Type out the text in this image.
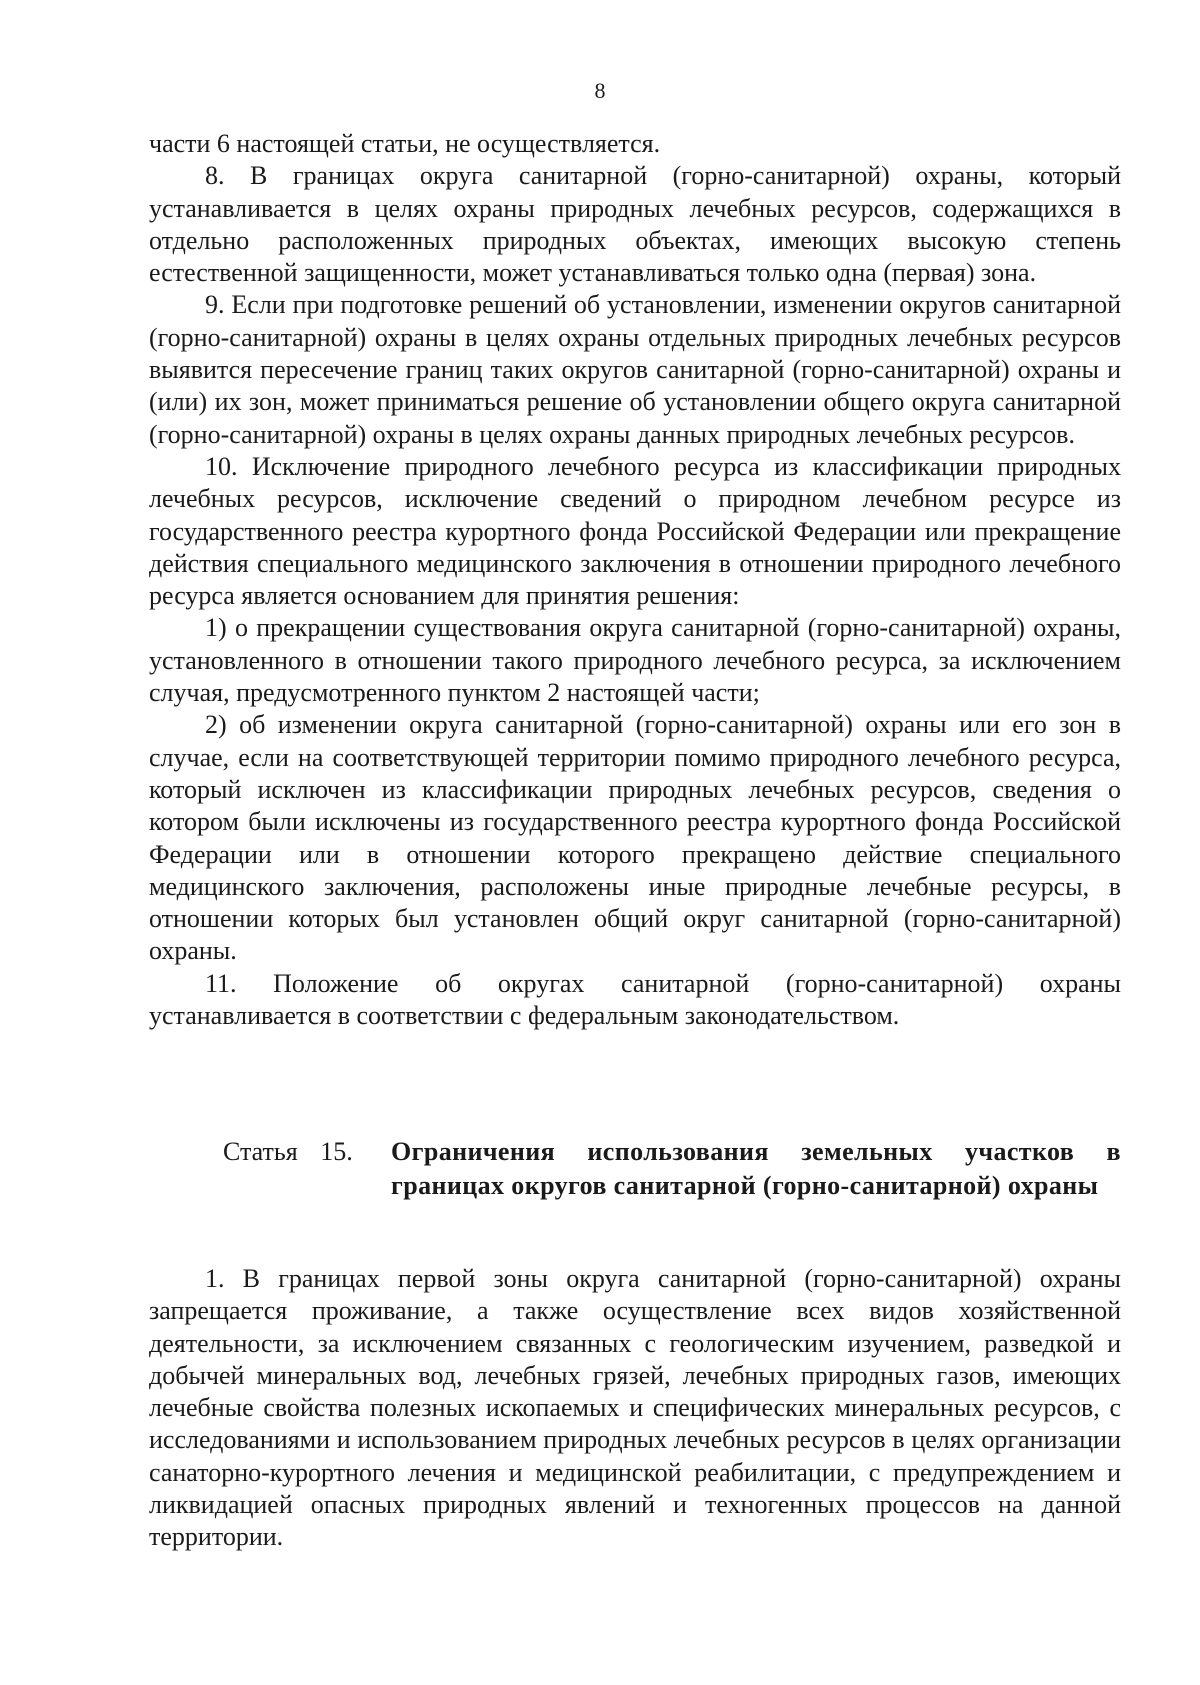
8

части 6 настоящей статьи, не осуществляется.

8. В границах округа санитарной (горно-санитарной) охраны, который устанавливается в целях охраны природных лечебных ресурсов, содержащихся в отдельно расположенных природных объектах, имеющих высокую степень естественной защищенности, может устанавливаться только одна (первая) зона.

9. Если при подготовке решений об установлении, изменении округов санитарной (горно-санитарной) охраны в целях охраны отдельных природных лечебных ресурсов выявится пересечение границ таких округов санитарной (горно-санитарной) охраны и (или) их зон, может приниматься решение об установлении общего округа санитарной (горно-санитарной) охраны в целях охраны данных природных лечебных ресурсов.

10. Исключение природного лечебного ресурса из классификации природных лечебных ресурсов, исключение сведений о природном лечебном ресурсе из государственного реестра курортного фонда Российской Федерации или прекращение действия специального медицинского заключения в отношении природного лечебного ресурса является основанием для принятия решения:

1) о прекращении существования округа санитарной (горно-санитарной) охраны, установленного в отношении такого природного лечебного ресурса, за исключением случая, предусмотренного пунктом 2 настоящей части;

2) об изменении округа санитарной (горно-санитарной) охраны или его зон в случае, если на соответствующей территории помимо природного лечебного ресурса, который исключен из классификации природных лечебных ресурсов, сведения о котором были исключены из государственного реестра курортного фонда Российской Федерации или в отношении которого прекращено действие специального медицинского заключения, расположены иные природные лечебные ресурсы, в отношении которых был установлен общий округ санитарной (горно-санитарной) охраны.

11. Положение об округах санитарной (горно-санитарной) охраны устанавливается в соответствии с федеральным законодательством.

Статья 15.	Ограничения использования земельных участков в границах округов санитарной (горно-санитарной) охраны

1. В границах первой зоны округа санитарной (горно-санитарной) охраны запрещается проживание, а также осуществление всех видов хозяйственной деятельности, за исключением связанных с геологическим изучением, разведкой и добычей минеральных вод, лечебных грязей, лечебных природных газов, имеющих лечебные свойства полезных ископаемых и специфических минеральных ресурсов, с исследованиями и использованием природных лечебных ресурсов в целях организации санаторно-курортного лечения и медицинской реабилитации, с предупреждением и ликвидацией опасных природных явлений и техногенных процессов на данной территории.
